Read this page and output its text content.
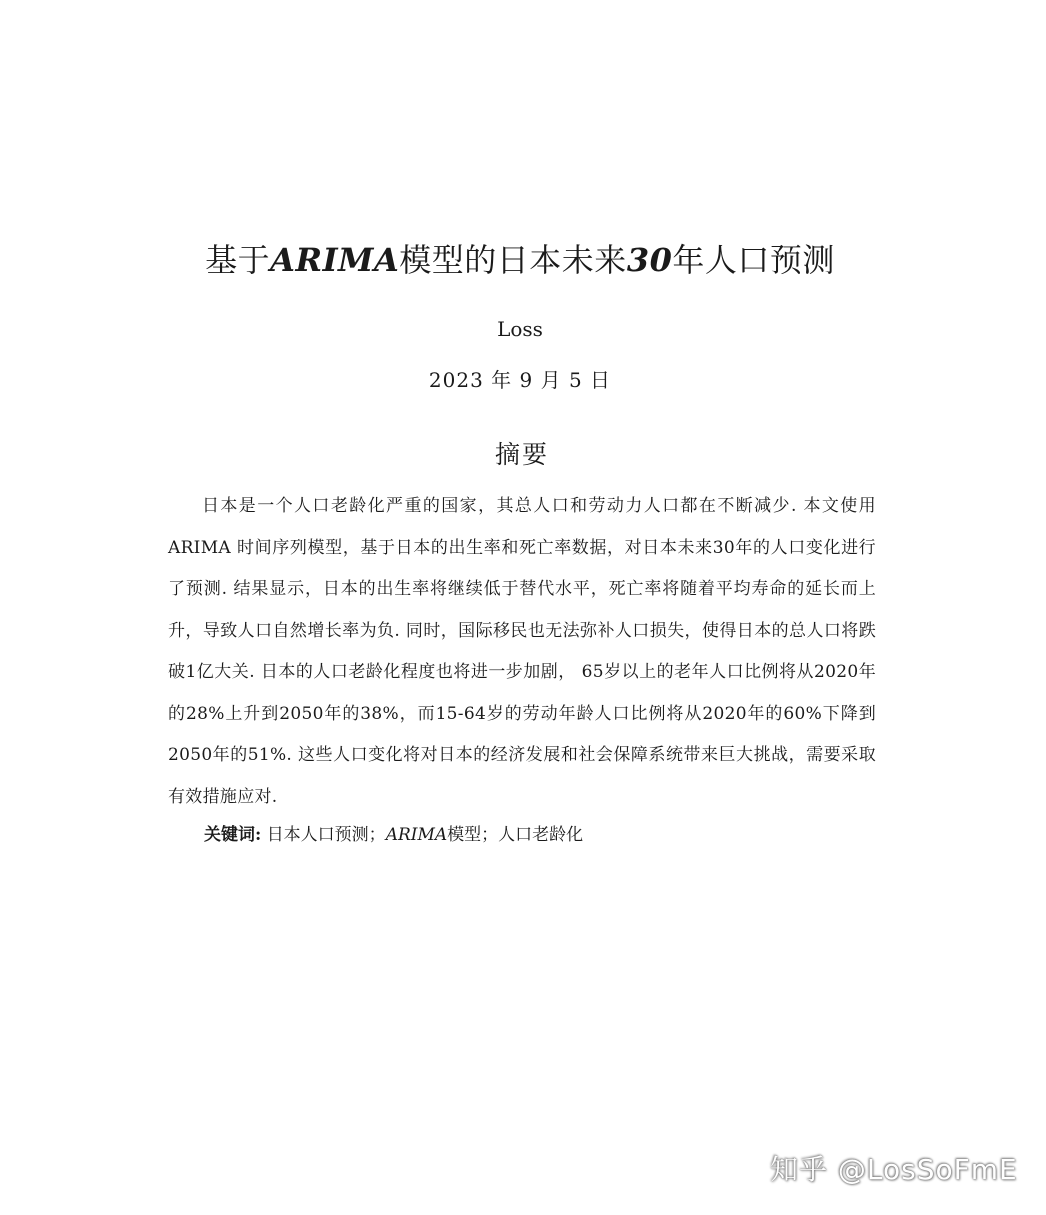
基于ARIMA模型的日本未来30年人口预测
Loss
2023 年 9 月 5 日
摘要
日本是一个人口老龄化严重的国家，其总人口和劳动力人口都在不断减少. 本文使用ARIMA 时间序列模型，基于日本的出生率和死亡率数据，对日本未来30年的人口变化进行了预测. 结果显示，日本的出生率将继续低于替代水平，死亡率将随着平均寿命的延长而上升，导致人口自然增长率为负. 同时，国际移民也无法弥补人口损失，使得日本的总人口将跌破1亿大关. 日本的人口老龄化程度也将进一步加剧， 65岁以上的老年人口比例将从2020年的28%上升到2050年的38%，而15-64岁的劳动年龄人口比例将从2020年的60%下降到2050年的51%. 这些人口变化将对日本的经济发展和社会保障系统带来巨大挑战，需要采取有效措施应对.
关键词: 日本人口预测；ARIMA模型；人口老龄化
知乎 @LosSoFmE
